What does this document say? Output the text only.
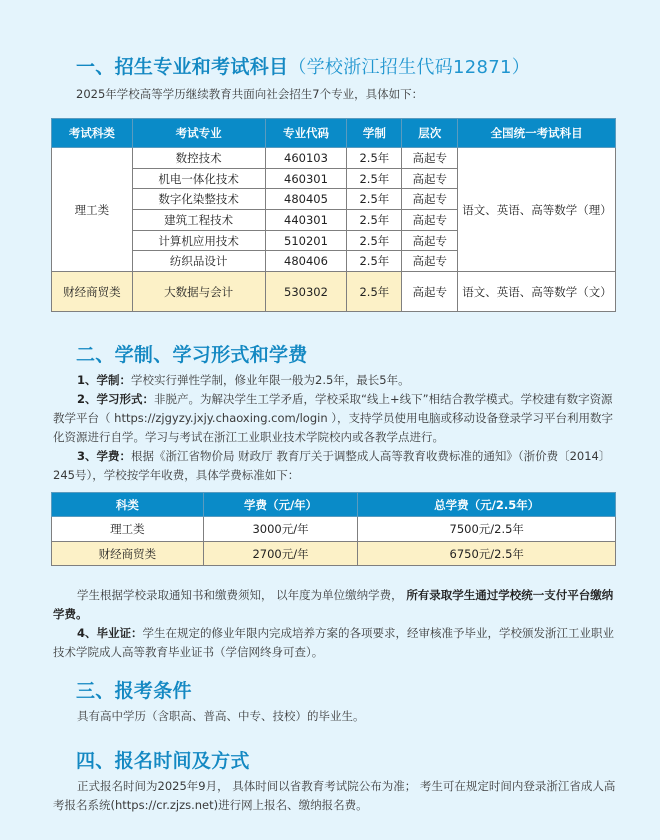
一、招生专业和考试科目（学校浙江招生代码12871）
2025年学校高等学历继续教育共面向社会招生7个专业，具体如下：
考试科类	考试专业	专业代码	学制	层次	全国统一考试科目
理工类	数控技术	460103	2.5年	高起专	语文、英语、高等数学（理）
	机电一体化技术	460301	2.5年	高起专	
	数字化染整技术	480405	2.5年	高起专	
	建筑工程技术	440301	2.5年	高起专	
	计算机应用技术	510201	2.5年	高起专	
	纺织品设计	480406	2.5年	高起专	
财经商贸类	大数据与会计	530302	2.5年	高起专	语文、英语、高等数学（文）
二、学制、学习形式和学费
1、学制：学校实行弹性学制，修业年限一般为2.5年，最长5年。
2、学习形式：非脱产。为解决学生工学矛盾，学校采取“线上+线下”相结合教学模式。学校建有数字资源教学平台（ https://zjgyzy.jxjy.chaoxing.com/login ），支持学员使用电脑或移动设备登录学习平台利用数字化资源进行自学。学习与考试在浙江工业职业技术学院校内或各教学点进行。
3、学费：根据《浙江省物价局 财政厅 教育厅关于调整成人高等教育收费标准的通知》（浙价费〔2014〕245号），学校按学年收费，具体学费标准如下：
科类	学费（元/年）	总学费（元/2.5年）
理工类	3000元/年	7500元/2.5年
财经商贸类	2700元/年	6750元/2.5年
学生根据学校录取通知书和缴费须知， 以年度为单位缴纳学费， 所有录取学生通过学校统一支付平台缴纳学费。
4、毕业证：学生在规定的修业年限内完成培养方案的各项要求，经审核准予毕业，学校颁发浙江工业职业技术学院成人高等教育毕业证书（学信网终身可查）。
三、报考条件
具有高中学历（含职高、普高、中专、技校）的毕业生。
四、报名时间及方式
正式报名时间为2025年9月， 具体时间以省教育考试院公布为准； 考生可在规定时间内登录浙江省成人高考报名系统(https://cr.zjzs.net)进行网上报名、缴纳报名费。
